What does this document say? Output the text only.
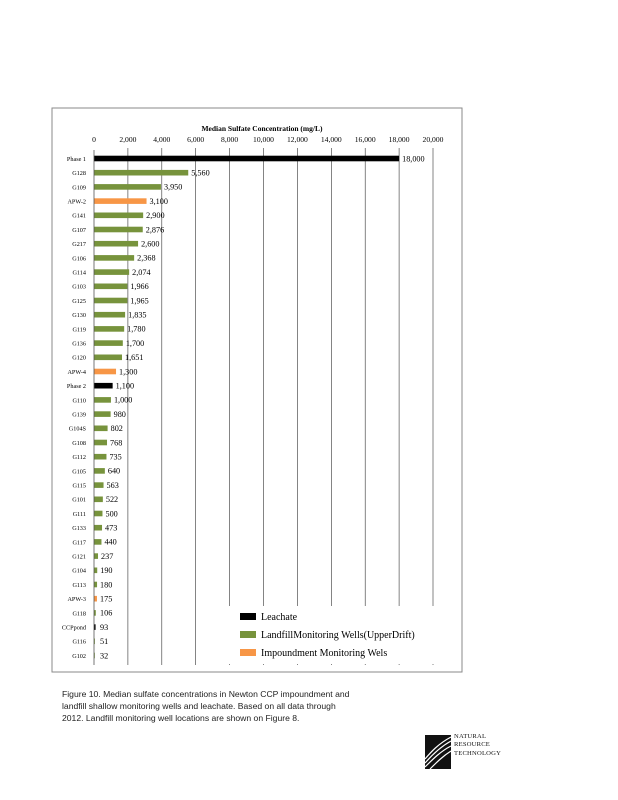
Median Sulfate Concentration (mg/L)
0	2,000 4,000 6,000 8,000 10,000 12,000 14,000 16,000 18,000 20,000
Phase 1
G128
G109
APW-2
G141
G107
G217
G106
G114
G103
G125
G130
G119
G136
G120
APW-4
Phase 2
G110
G139
G104S
G108
G112
G105
G115
G101
G111
G133
G117
G121
G104
G113
APW-3
G118
CCPpond
G116
G102
18,000
5,560
3,950
3,100
2,900
2,876
2,600
2,368
2,074
1,966
1,965
1,835
1,780
1,700
1,651
1,300
1,100
1,000
980
802
768
735
640
563
522
500
473
440
237
190
180
175
106
93
51
32
Leachate
LandfillMonitoring Wells(UpperDrift)
Impoundment Monitoring Wels
Figure 10. Median sulfate concentrations in Newton CCP impoundment and
landfill shallow monitoring wells and leachate. Based on all data through
2012. Landfill monitoring well locations are shown on Figure 8.
NATURAL
RESOURCE
TECHNOLOGY
